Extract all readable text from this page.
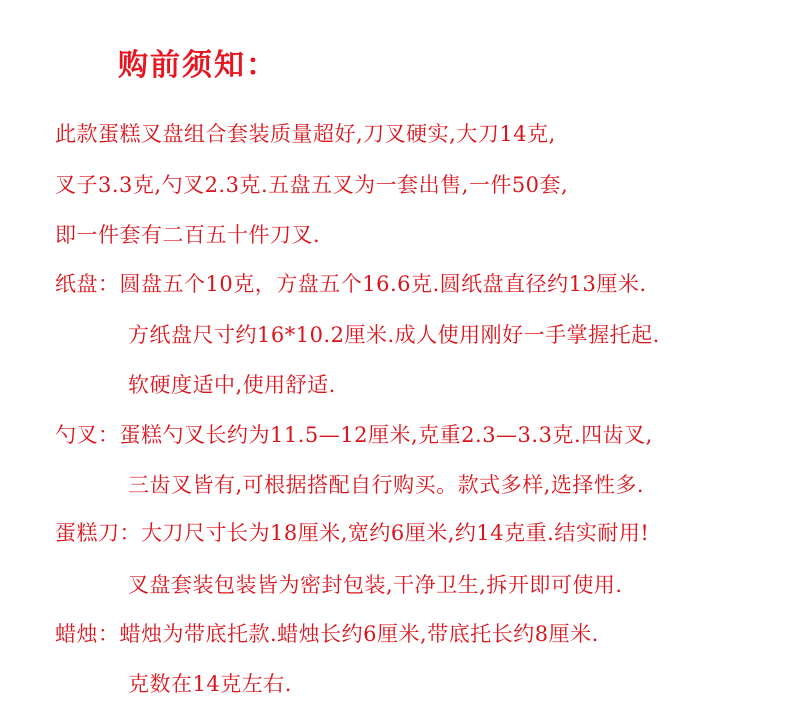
购前须知：
此款蛋糕叉盘组合套装质量超好,刀叉硬实,大刀14克,
叉子3.3克,勺叉2.3克.五盘五叉为一套出售,一件50套,
即一件套有二百五十件刀叉.
纸盘：圆盘五个10克，方盘五个16.6克.圆纸盘直径约13厘米.
方纸盘尺寸约16*10.2厘米.成人使用刚好一手掌握托起.
软硬度适中,使用舒适.
勺叉：蛋糕勺叉长约为11.5—12厘米,克重2.3—3.3克.四齿叉,
三齿叉皆有,可根据搭配自行购买。款式多样,选择性多.
蛋糕刀：大刀尺寸长为18厘米,宽约6厘米,约14克重.结实耐用!
叉盘套装包装皆为密封包装,干净卫生,拆开即可使用.
蜡烛：蜡烛为带底托款.蜡烛长约6厘米,带底托长约8厘米.
克数在14克左右.
